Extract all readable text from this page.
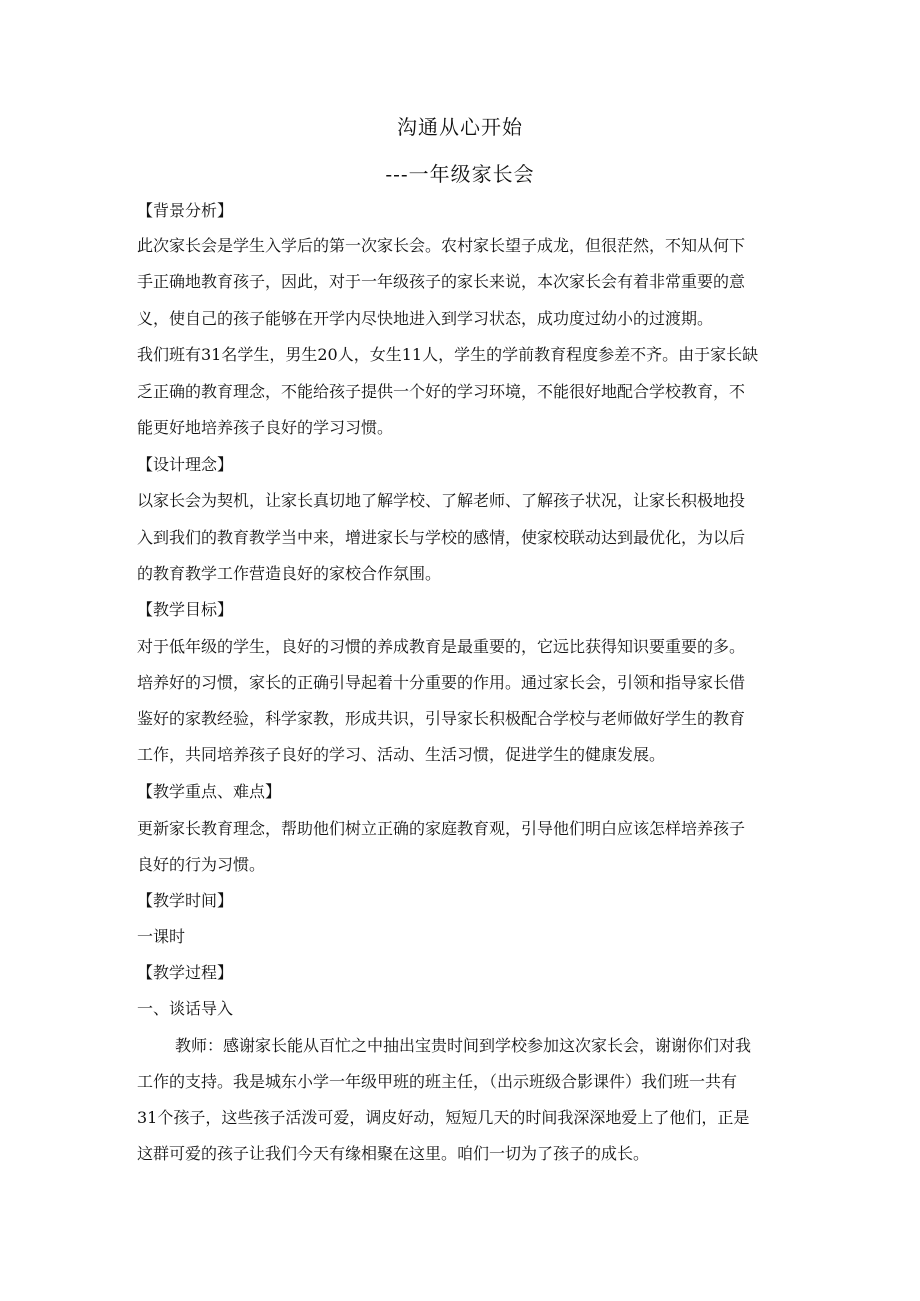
沟通从心开始
---一年级家长会
【背景分析】
此次家长会是学生入学后的第一次家长会。农村家长望子成龙，但很茫然，不知从何下
手正确地教育孩子，因此，对于一年级孩子的家长来说，本次家长会有着非常重要的意
义，使自己的孩子能够在开学内尽快地进入到学习状态，成功度过幼小的过渡期。
我们班有31名学生，男生20人，女生11人，学生的学前教育程度参差不齐。由于家长缺
乏正确的教育理念，不能给孩子提供一个好的学习环境，不能很好地配合学校教育，不
能更好地培养孩子良好的学习习惯。
【设计理念】
以家长会为契机，让家长真切地了解学校、了解老师、了解孩子状况，让家长积极地投
入到我们的教育教学当中来，增进家长与学校的感情，使家校联动达到最优化，为以后
的教育教学工作营造良好的家校合作氛围。
【教学目标】
对于低年级的学生，良好的习惯的养成教育是最重要的，它远比获得知识要重要的多。
培养好的习惯，家长的正确引导起着十分重要的作用。通过家长会，引领和指导家长借
鉴好的家教经验，科学家教，形成共识，引导家长积极配合学校与老师做好学生的教育
工作，共同培养孩子良好的学习、活动、生活习惯，促进学生的健康发展。
【教学重点、难点】
更新家长教育理念，帮助他们树立正确的家庭教育观，引导他们明白应该怎样培养孩子
良好的行为习惯。
【教学时间】
一课时
【教学过程】
一、谈话导入
教师：感谢家长能从百忙之中抽出宝贵时间到学校参加这次家长会，谢谢你们对我
工作的支持。我是城东小学一年级甲班的班主任，（出示班级合影课件）我们班一共有
31个孩子，这些孩子活泼可爱，调皮好动，短短几天的时间我深深地爱上了他们，正是
这群可爱的孩子让我们今天有缘相聚在这里。咱们一切为了孩子的成长。
